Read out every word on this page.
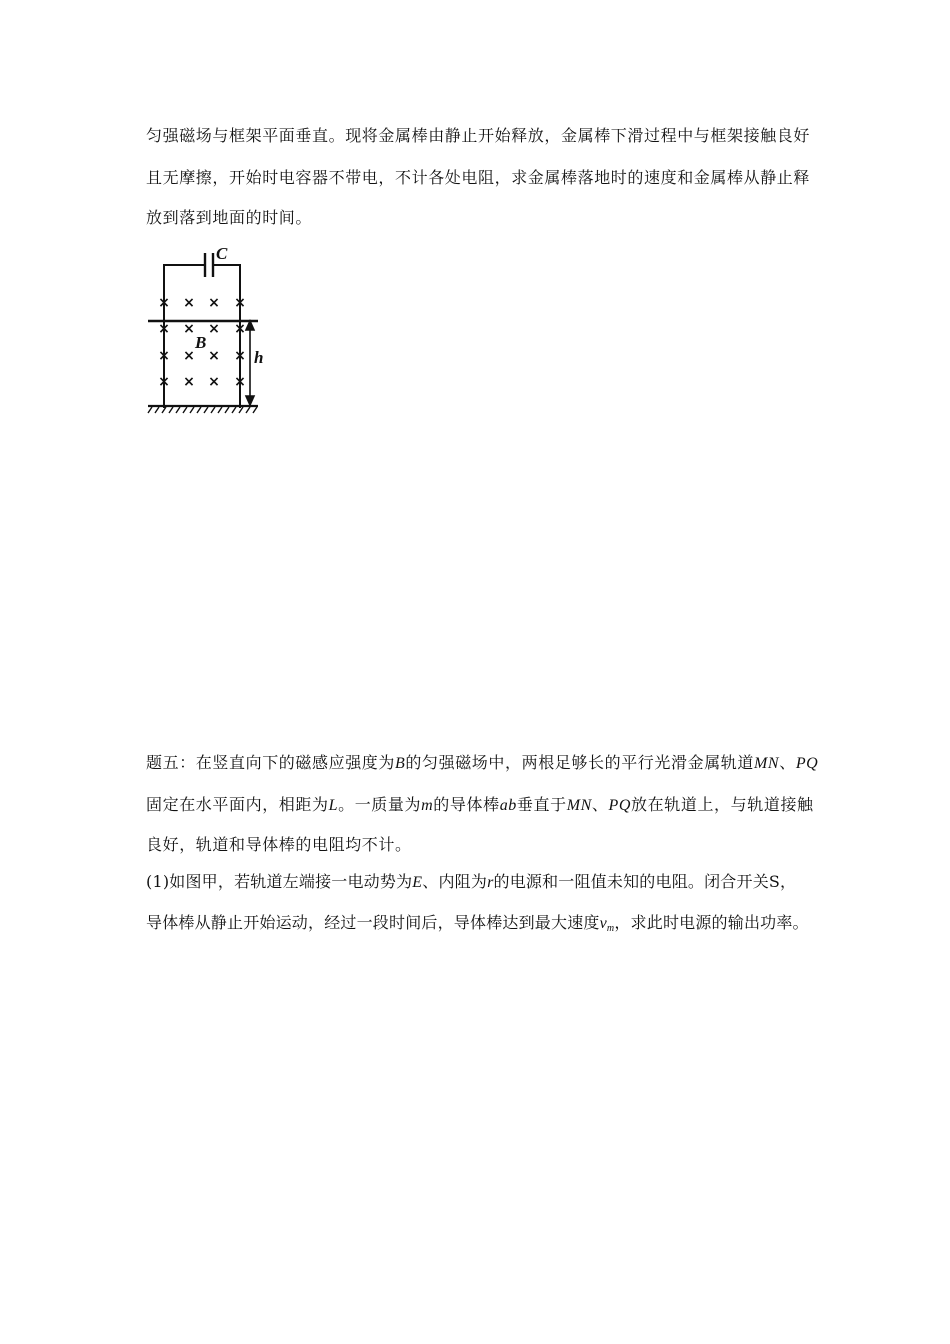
匀强磁场与框架平面垂直。现将金属棒由静止开始释放，金属棒下滑过程中与框架接触良好
且无摩擦，开始时电容器不带电，不计各处电阻，求金属棒落地时的速度和金属棒从静止释
放到落到地面的时间。
× × × ×
× × × ×
× × × ×
× × × ×
C
B
h
题五：在竖直向下的磁感应强度为B的匀强磁场中，两根足够长的平行光滑金属轨道MN、PQ
固定在水平面内，相距为L。一质量为m的导体棒ab垂直于MN、PQ放在轨道上，与轨道接触
良好，轨道和导体棒的电阻均不计。
(1)如图甲，若轨道左端接一电动势为E、内阻为r的电源和一阻值未知的电阻。闭合开关S，
导体棒从静止开始运动，经过一段时间后，导体棒达到最大速度$v_m$，求此时电源的输出功率。
